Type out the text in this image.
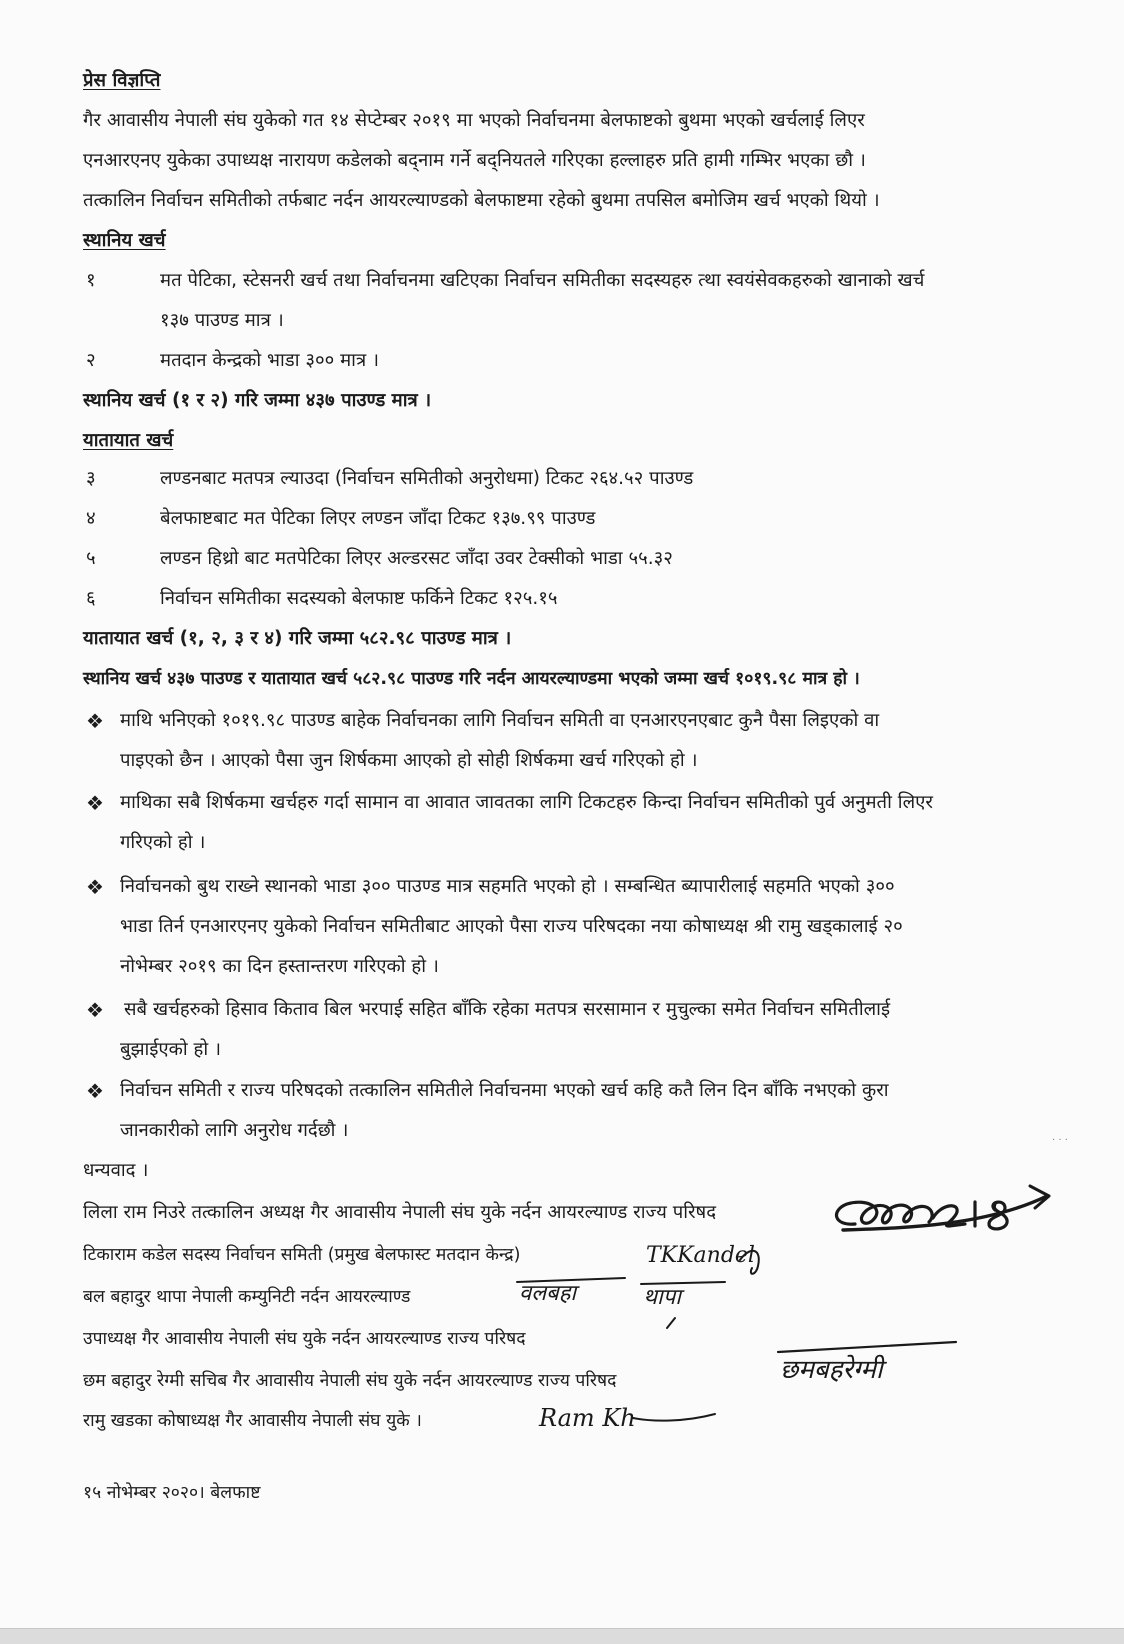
प्रेस विज्ञप्ति
गैर आवासीय नेपाली संघ युकेको गत १४ सेप्टेम्बर २०१९ मा भएको निर्वाचनमा बेलफाष्टको बुथमा भएको खर्चलाई लिएर
एनआरएनए युकेका उपाध्यक्ष नारायण कडेलको बद्नाम गर्ने बद्नियतले गरिएका हल्लाहरु प्रति हामी गम्भिर भएका छौ ।
तत्कालिन निर्वाचन समितीको तर्फबाट नर्दन आयरल्याण्डको बेलफाष्टमा रहेको बुथमा तपसिल बमोजिम खर्च भएको थियो ।
स्थानिय खर्च
१	मत पेटिका, स्टेसनरी खर्च तथा निर्वाचनमा खटिएका निर्वाचन समितीका सदस्यहरु त्था स्वयंसेवकहरुको खानाको खर्च
१३७ पाउण्ड मात्र ।
२	मतदान केन्द्रको भाडा ३०० मात्र ।
स्थानिय खर्च (१ र २) गरि जम्मा ४३७ पाउण्ड मात्र ।
यातायात खर्च
३	लण्डनबाट मतपत्र ल्याउदा (निर्वाचन समितीको अनुरोधमा) टिकट २६४.५२ पाउण्ड
४	बेलफाष्टबाट मत पेटिका लिएर लण्डन जाँदा टिकट १३७.९९ पाउण्ड
५	लण्डन हिथ्रो बाट मतपेटिका लिएर अल्डरसट जाँदा उवर टेक्सीको भाडा ५५.३२
६	निर्वाचन समितीका सदस्यको बेलफाष्ट फर्किने टिकट १२५.१५
यातायात खर्च (१, २, ३ र ४) गरि जम्मा ५८२.९८ पाउण्ड मात्र ।
स्थानिय खर्च ४३७ पाउण्ड र यातायात खर्च ५८२.९८ पाउण्ड गरि नर्दन आयरल्याण्डमा भएको जम्मा खर्च १०१९.९८ मात्र हो ।
❖ माथि भनिएको १०१९.९८ पाउण्ड बाहेक निर्वाचनका लागि निर्वाचन समिती वा एनआरएनएबाट कुनै पैसा लिइएको वा
पाइएको छैन । आएको पैसा जुन शिर्षकमा आएको हो सोही शिर्षकमा खर्च गरिएको हो ।
❖ माथिका सबै शिर्षकमा खर्चहरु गर्दा सामान वा आवात जावतका लागि टिकटहरु किन्दा निर्वाचन समितीको पुर्व अनुमती लिएर
गरिएको हो ।
❖ निर्वाचनको बुथ राख्ने स्थानको भाडा ३०० पाउण्ड मात्र सहमति भएको हो । सम्बन्धित ब्यापारीलाई सहमति भएको ३००
भाडा तिर्न एनआरएनए युकेको निर्वाचन समितीबाट आएको पैसा राज्य परिषदका नया कोषाध्यक्ष श्री रामु खड्कालाई २०
नोभेम्बर २०१९ का दिन हस्तान्तरण गरिएको हो ।
❖ सबै खर्चहरुको हिसाव किताव बिल भरपाई सहित बाँकि रहेका मतपत्र सरसामान र मुचुल्का समेत निर्वाचन समितीलाई
बुझाईएको हो ।
❖ निर्वाचन समिती र राज्य परिषदको तत्कालिन समितीले निर्वाचनमा भएको खर्च कहि कतै लिन दिन बाँकि नभएको कुरा
जानकारीको लागि अनुरोध गर्दछौ ।	· · ·
धन्यवाद ।
लिला राम निउरे तत्कालिन अध्यक्ष गैर आवासीय नेपाली संघ युके नर्दन आयरल्याण्ड राज्य परिषद
टिकाराम कडेल सदस्य निर्वाचन समिती (प्रमुख बेलफास्ट मतदान केन्द्र)
बल बहादुर थापा नेपाली कम्युनिटी नर्दन आयरल्याण्ड
उपाध्यक्ष गैर आवासीय नेपाली संघ युके नर्दन आयरल्याण्ड राज्य परिषद
छम बहादुर रेग्मी सचिब गैर आवासीय नेपाली संघ युके नर्दन आयरल्याण्ड राज्य परिषद
रामु खडका कोषाध्यक्ष गैर आवासीय नेपाली संघ युके ।
TKKandel
वलबहा	थापा
छमबहरेग्मी
Ram Kh
१५ नोभेम्बर २०२०। बेलफाष्ट
